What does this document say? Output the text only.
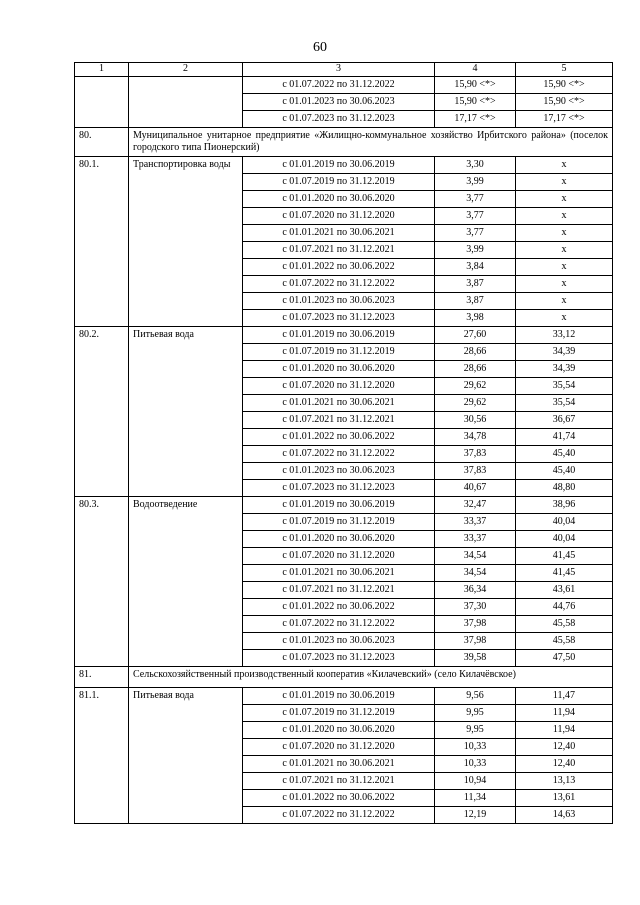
60
1	2	3	4	5
		с 01.07.2022 по 31.12.2022	15,90 <*>	15,90 <*>
		с 01.01.2023 по 30.06.2023	15,90 <*>	15,90 <*>
		с 01.07.2023 по 31.12.2023	17,17 <*>	17,17 <*>
80.	Муниципальное унитарное предприятие «Жилищно-коммунальное хозяйство Ирбитского района» (поселок городского типа Пионерский)			
80.1.	Транспортировка воды	с 01.01.2019 по 30.06.2019	3,30	x
		с 01.07.2019 по 31.12.2019	3,99	x
		с 01.01.2020 по 30.06.2020	3,77	x
		с 01.07.2020 по 31.12.2020	3,77	x
		с 01.01.2021 по 30.06.2021	3,77	x
		с 01.07.2021 по 31.12.2021	3,99	x
		с 01.01.2022 по 30.06.2022	3,84	x
		с 01.07.2022 по 31.12.2022	3,87	x
		с 01.01.2023 по 30.06.2023	3,87	x
		с 01.07.2023 по 31.12.2023	3,98	x
80.2.	Питьевая вода	с 01.01.2019 по 30.06.2019	27,60	33,12
		с 01.07.2019 по 31.12.2019	28,66	34,39
		с 01.01.2020 по 30.06.2020	28,66	34,39
		с 01.07.2020 по 31.12.2020	29,62	35,54
		с 01.01.2021 по 30.06.2021	29,62	35,54
		с 01.07.2021 по 31.12.2021	30,56	36,67
		с 01.01.2022 по 30.06.2022	34,78	41,74
		с 01.07.2022 по 31.12.2022	37,83	45,40
		с 01.01.2023 по 30.06.2023	37,83	45,40
		с 01.07.2023 по 31.12.2023	40,67	48,80
80.3.	Водоотведение	с 01.01.2019 по 30.06.2019	32,47	38,96
		с 01.07.2019 по 31.12.2019	33,37	40,04
		с 01.01.2020 по 30.06.2020	33,37	40,04
		с 01.07.2020 по 31.12.2020	34,54	41,45
		с 01.01.2021 по 30.06.2021	34,54	41,45
		с 01.07.2021 по 31.12.2021	36,34	43,61
		с 01.01.2022 по 30.06.2022	37,30	44,76
		с 01.07.2022 по 31.12.2022	37,98	45,58
		с 01.01.2023 по 30.06.2023	37,98	45,58
		с 01.07.2023 по 31.12.2023	39,58	47,50
81.	Сельскохозяйственный производственный кооператив «Килачевский» (село Килачёвское)			
81.1.	Питьевая вода	с 01.01.2019 по 30.06.2019	9,56	11,47
		с 01.07.2019 по 31.12.2019	9,95	11,94
		с 01.01.2020 по 30.06.2020	9,95	11,94
		с 01.07.2020 по 31.12.2020	10,33	12,40
		с 01.01.2021 по 30.06.2021	10,33	12,40
		с 01.07.2021 по 31.12.2021	10,94	13,13
		с 01.01.2022 по 30.06.2022	11,34	13,61
		с 01.07.2022 по 31.12.2022	12,19	14,63
